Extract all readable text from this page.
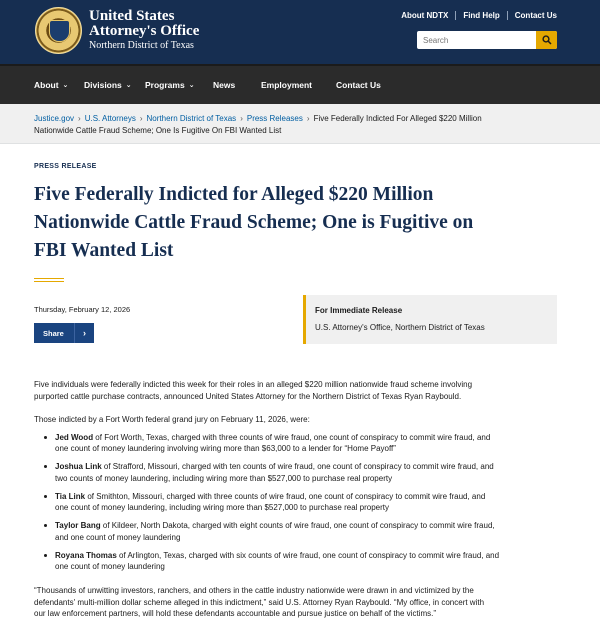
United States
Attorney's Office
Northern District of Texas
About NDTX Find Help Contact Us
Search
About ⌄ Divisions ⌄ Programs ⌄ News	Employment	Contact Us
Justice.gov › U.S. Attorneys › Northern District of Texas › Press Releases › Five Federally Indicted For Alleged $220 Million
Nationwide Cattle Fraud Scheme; One Is Fugitive On FBI Wanted List
PRESS RELEASE
Five Federally Indicted for Alleged $220 Million
Nationwide Cattle Fraud Scheme; One is Fugitive on
FBI Wanted List
Thursday, February 12, 2026
Share	›
For Immediate Release
U.S. Attorney's Office, Northern District of Texas
Five individuals were federally indicted this week for their roles in an alleged $220 million nationwide fraud scheme involving
purported cattle purchase contracts, announced United States Attorney for the Northern District of Texas Ryan Raybould.
Those indicted by a Fort Worth federal grand jury on February 11, 2026, were:
Jed Wood of Fort Worth, Texas, charged with three counts of wire fraud, one count of conspiracy to commit wire fraud, and
one count of money laundering involving wiring more than $63,000 to a lender for “Home Payoff”
Joshua Link of Strafford, Missouri, charged with ten counts of wire fraud, one count of conspiracy to commit wire fraud, and
two counts of money laundering, including wiring more than $527,000 to purchase real property
Tia Link of Smithton, Missouri, charged with three counts of wire fraud, one count of conspiracy to commit wire fraud, and
one count of money laundering, including wiring more than $527,000 to purchase real property
Taylor Bang of Kildeer, North Dakota, charged with eight counts of wire fraud, one count of conspiracy to commit wire fraud,
and one count of money laundering
Royana Thomas of Arlington, Texas, charged with six counts of wire fraud, one count of conspiracy to commit wire fraud, and
one count of money laundering
“Thousands of unwitting investors, ranchers, and others in the cattle industry nationwide were drawn in and victimized by the
defendants' multi-million dollar scheme alleged in this indictment,” said U.S. Attorney Ryan Raybould. “My office, in concert with
our law enforcement partners, will hold these defendants accountable and pursue justice on behalf of the victims.”
